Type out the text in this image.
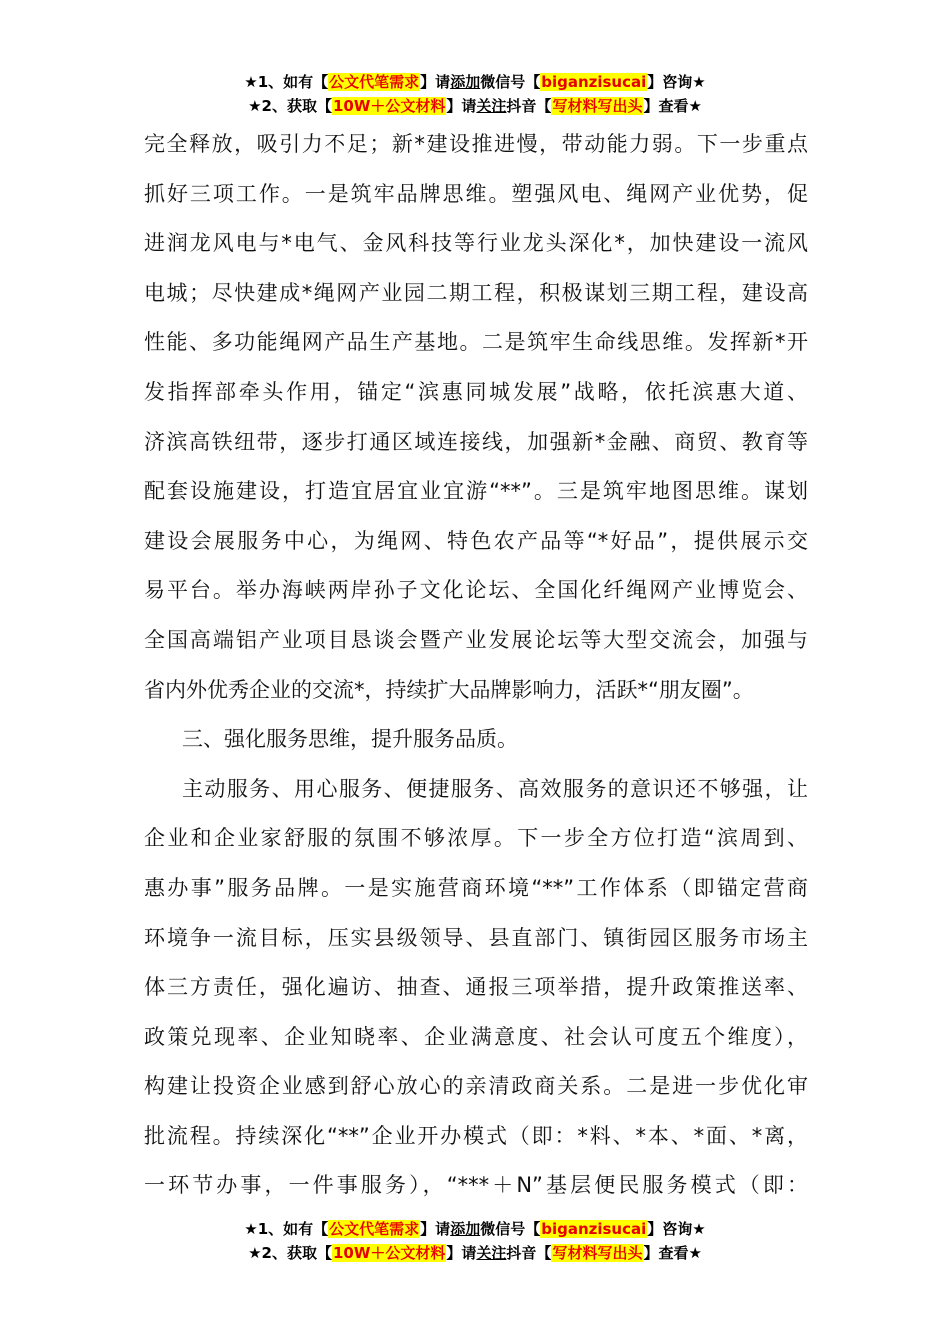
★1、如有【公文代笔需求】请添加微信号【biganzisucai】咨询★
★2、获取【10W＋公文材料】请关注抖音【写材料写出头】查看★
完全释放，吸引力不足；新*建设推进慢，带动能力弱。下一步重点
抓好三项工作。一是筑牢品牌思维。塑强风电、绳网产业优势，促
进润龙风电与*电气、金风科技等行业龙头深化*，加快建设一流风
电城；尽快建成*绳网产业园二期工程，积极谋划三期工程，建设高
性能、多功能绳网产品生产基地。二是筑牢生命线思维。发挥新*开
发指挥部牵头作用，锚定“滨惠同城发展”战略，依托滨惠大道、
济滨高铁纽带，逐步打通区域连接线，加强新*金融、商贸、教育等
配套设施建设，打造宜居宜业宜游“**”。三是筑牢地图思维。谋划
建设会展服务中心，为绳网、特色农产品等“*好品”，提供展示交
易平台。举办海峡两岸孙子文化论坛、全国化纤绳网产业博览会、
全国高端铝产业项目恳谈会暨产业发展论坛等大型交流会，加强与
省内外优秀企业的交流*，持续扩大品牌影响力，活跃*“朋友圈”。
三、强化服务思维，提升服务品质。
主动服务、用心服务、便捷服务、高效服务的意识还不够强，让
企业和企业家舒服的氛围不够浓厚。下一步全方位打造“滨周到、
惠办事”服务品牌。一是实施营商环境“**”工作体系（即锚定营商
环境争一流目标，压实县级领导、县直部门、镇街园区服务市场主
体三方责任，强化遍访、抽查、通报三项举措，提升政策推送率、
政策兑现率、企业知晓率、企业满意度、社会认可度五个维度），
构建让投资企业感到舒心放心的亲清政商关系。二是进一步优化审
批流程。持续深化“**”企业开办模式（即：*料、*本、*面、*离，
一环节办事，一件事服务），“***＋N”基层便民服务模式（即：
★1、如有【公文代笔需求】请添加微信号【biganzisucai】咨询★
★2、获取【10W＋公文材料】请关注抖音【写材料写出头】查看★
